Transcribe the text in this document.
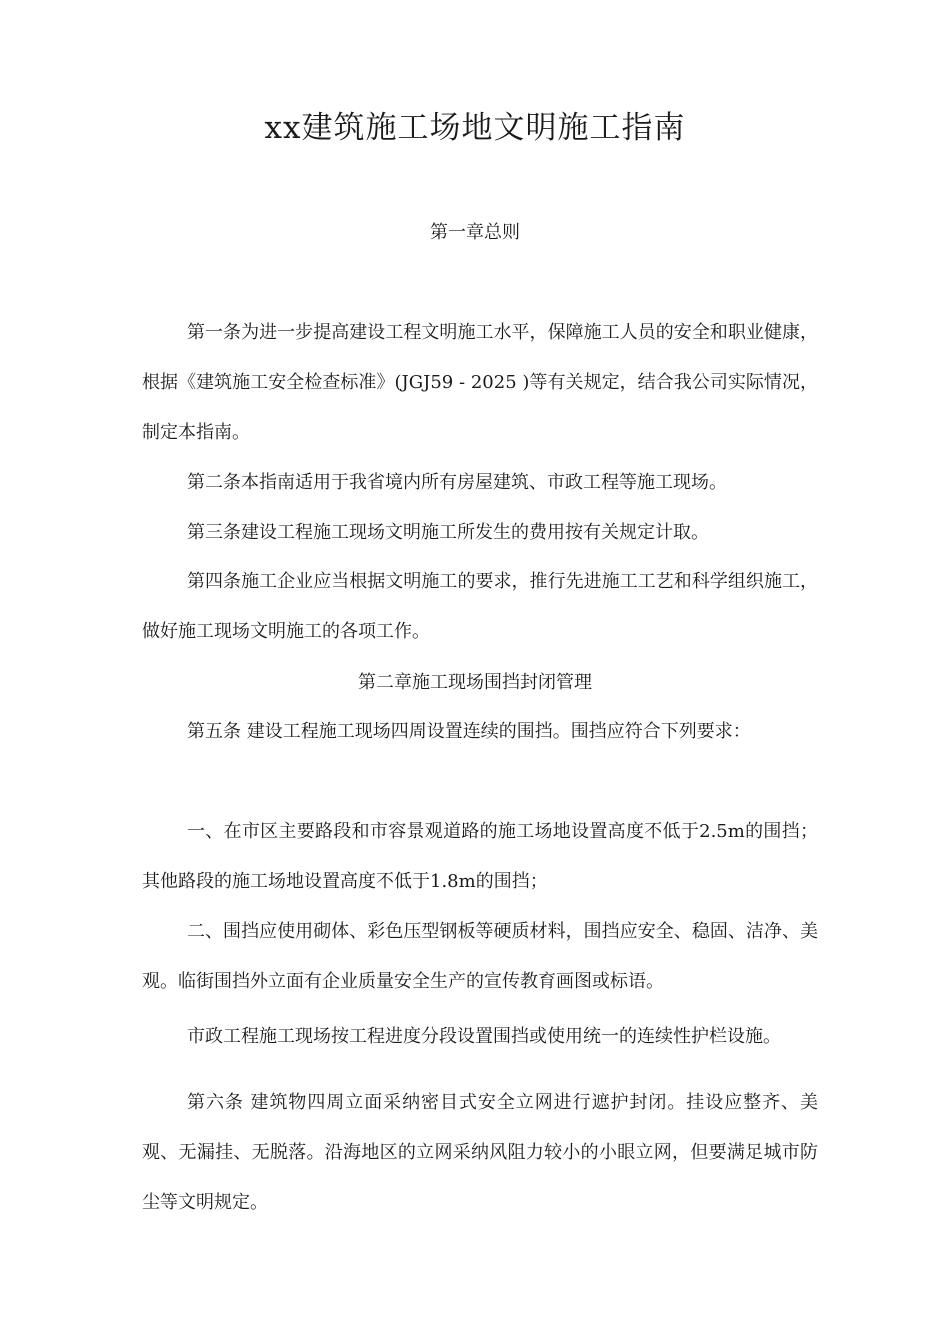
xx建筑施工场地文明施工指南
第一章总则

第一条为进一步提高建设工程文明施工水平，保障施工人员的安全和职业健康，根据《建筑施工安全检查标准》(JGJ59 - 2025 )等有关规定，结合我公司实际情况，制定本指南。

第二条本指南适用于我省境内所有房屋建筑、市政工程等施工现场。

第三条建设工程施工现场文明施工所发生的费用按有关规定计取。

第四条施工企业应当根据文明施工的要求，推行先进施工工艺和科学组织施工，做好施工现场文明施工的各项工作。

第二章施工现场围挡封闭管理

第五条 建设工程施工现场四周设置连续的围挡。围挡应符合下列要求：

一、在市区主要路段和市容景观道路的施工场地设置高度不低于2.5m的围挡；其他路段的施工场地设置高度不低于1.8m的围挡；

二、围挡应使用砌体、彩色压型钢板等硬质材料，围挡应安全、稳固、洁净、美观。临街围挡外立面有企业质量安全生产的宣传教育画图或标语。

市政工程施工现场按工程进度分段设置围挡或使用统一的连续性护栏设施。

第六条 建筑物四周立面采纳密目式安全立网进行遮护封闭。挂设应整齐、美观、无漏挂、无脱落。沿海地区的立网采纳风阻力较小的小眼立网，但要满足城市防尘等文明规定。
